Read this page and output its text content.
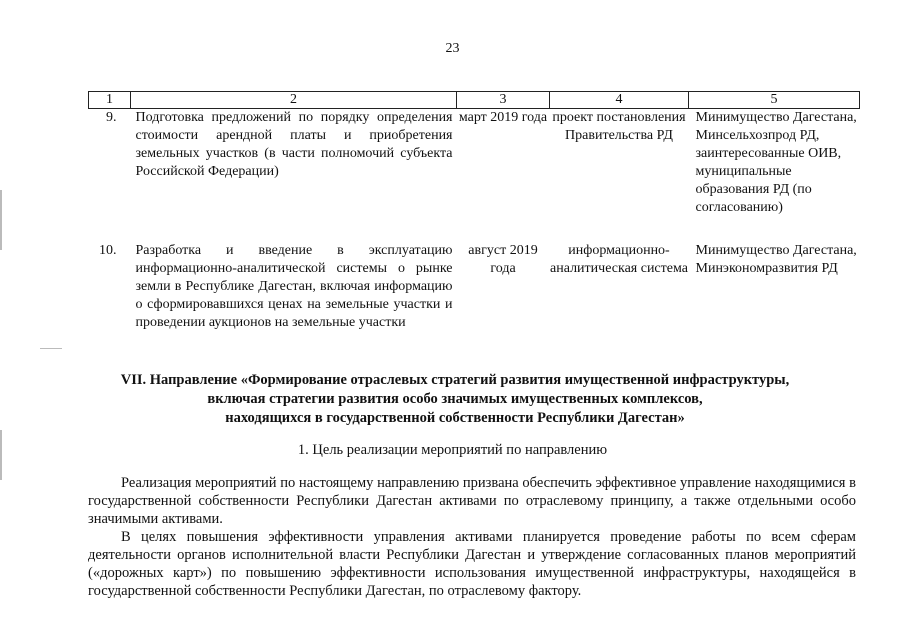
23
1	2	3	4	5
9.	Подготовка предложений по порядку определения стоимости арендной платы и приобретения земельных участков (в части полномочий субъекта Российской Федерации)	март 2019 года	проект постановления Правительства РД	Минимущество Дагестана, Минсельхозпрод РД, заинтересованные ОИВ, муниципальные образования РД (по согласованию)
10.	Разработка и введение в эксплуатацию информационно-аналитической системы о рынке земли в Республике Дагестан, включая информацию о сформировавшихся ценах на земельные участки и проведении аукционов на земельные участки	август 2019 года	информационно-аналитическая система	Минимущество Дагестана, Минэкономразвития РД
VII. Направление «Формирование отраслевых стратегий развития имущественной инфраструктуры,
включая стратегии развития особо значимых имущественных комплексов,
находящихся в государственной собственности Республики Дагестан»
1. Цель реализации мероприятий по направлению

Реализация мероприятий по настоящему направлению призвана обеспечить эффективное управление находящимися в государственной собственности Республики Дагестан активами по отраслевому принципу, а также отдельными особо значимыми активами.

В целях повышения эффективности управления активами планируется проведение работы по всем сферам деятельности органов исполнительной власти Республики Дагестан и утверждение согласованных планов мероприятий («дорожных карт») по повышению эффективности использования имущественной инфраструктуры, находящейся в государственной собственности Республики Дагестан, по отраслевому фактору.
